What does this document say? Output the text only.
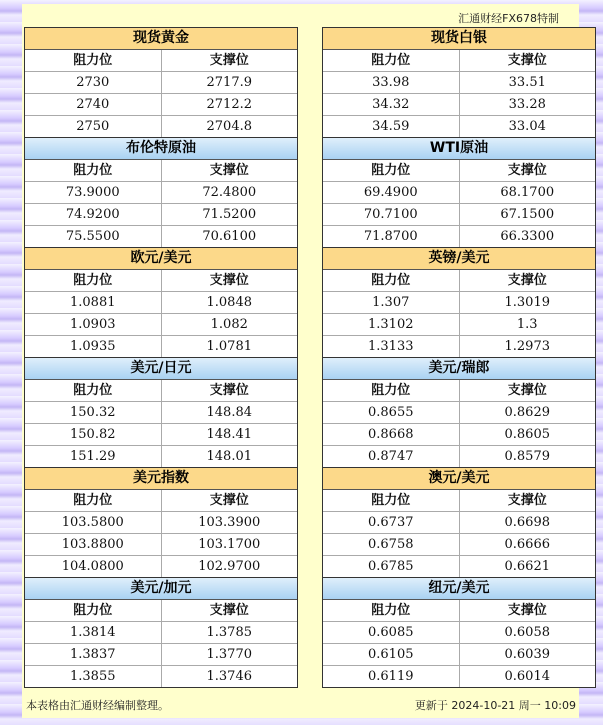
汇通财经FX678特制
现货黄金
阻力位	支撑位
2730	2717.9
2740	2712.2
2750	2704.8
现货白银
阻力位	支撑位
33.98	33.51
34.32	33.28
34.59	33.04
布伦特原油
阻力位	支撑位
73.9000	72.4800
74.9200	71.5200
75.5500	70.6100
WTI原油
阻力位	支撑位
69.4900	68.1700
70.7100	67.1500
71.8700	66.3300
欧元/美元
阻力位	支撑位
1.0881	1.0848
1.0903	1.082
1.0935	1.0781
英镑/美元
阻力位	支撑位
1.307	1.3019
1.3102	1.3
1.3133	1.2973
美元/日元
阻力位	支撑位
150.32	148.84
150.82	148.41
151.29	148.01
美元/瑞郎
阻力位	支撑位
0.8655	0.8629
0.8668	0.8605
0.8747	0.8579
美元指数
阻力位	支撑位
103.5800	103.3900
103.8800	103.1700
104.0800	102.9700
澳元/美元
阻力位	支撑位
0.6737	0.6698
0.6758	0.6666
0.6785	0.6621
美元/加元
阻力位	支撑位
1.3814	1.3785
1.3837	1.3770
1.3855	1.3746
纽元/美元
阻力位	支撑位
0.6085	0.6058
0.6105	0.6039
0.6119	0.6014
本表格由汇通财经编制整理。	更新于 2024-10-21 周一 10:09
